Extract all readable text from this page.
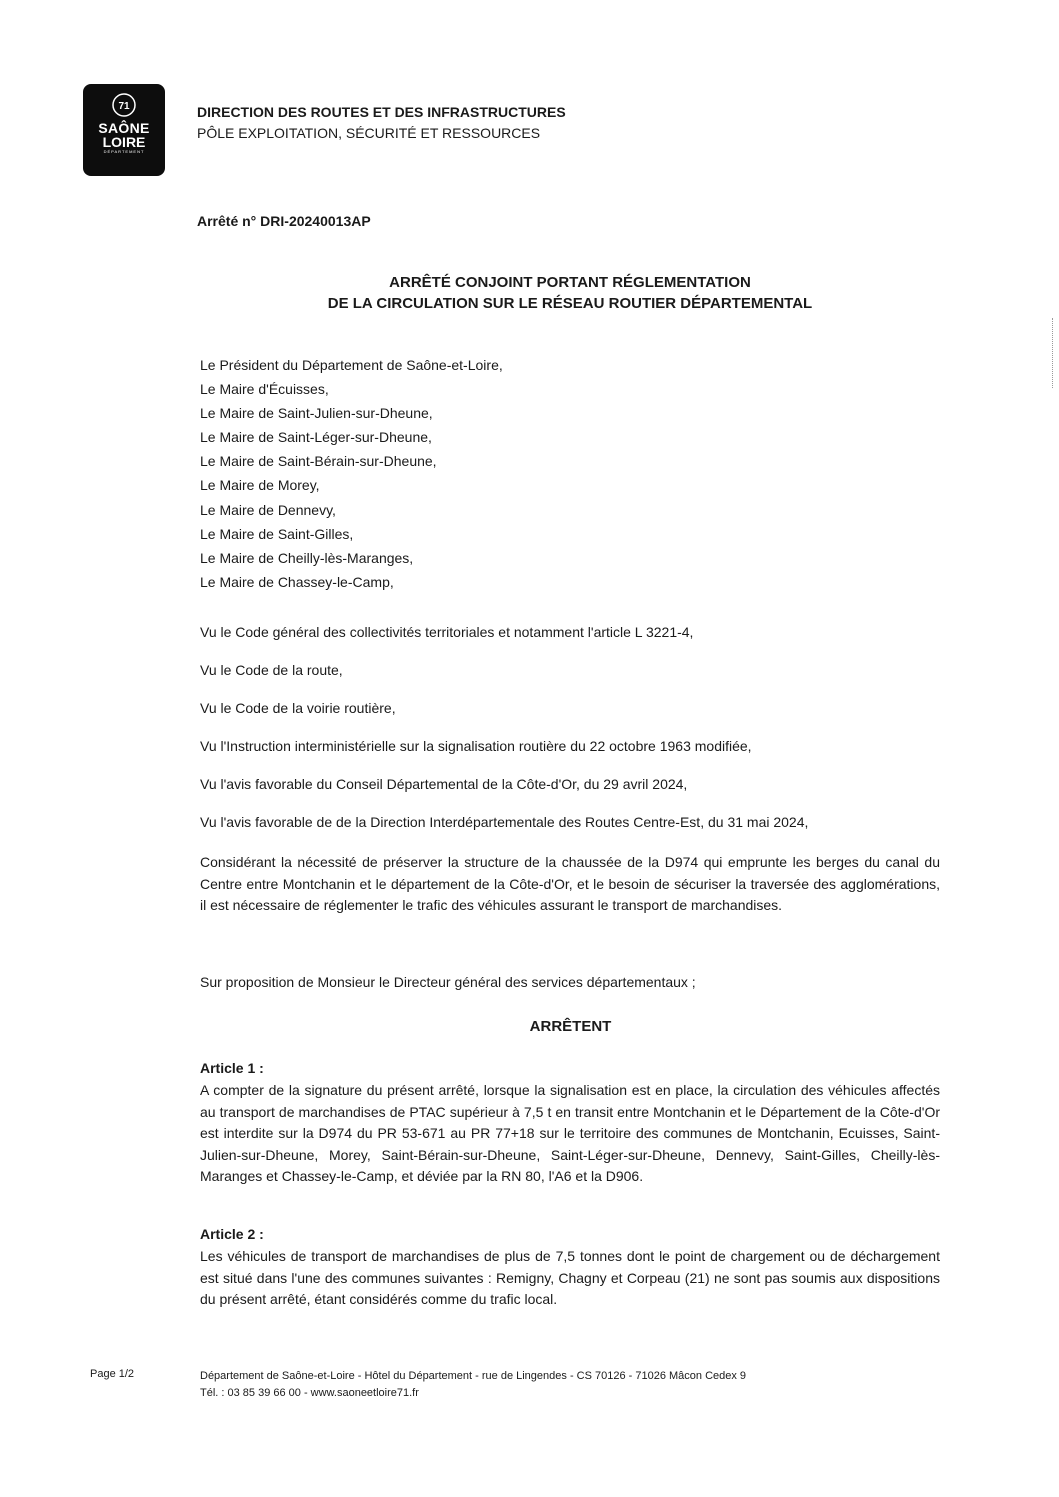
71
SAÔNE
LOIRE
DÉPARTEMENT
DIRECTION DES ROUTES ET DES INFRASTRUCTURES
PÔLE EXPLOITATION, SÉCURITÉ ET RESSOURCES
Arrêté n° DRI-20240013AP
ARRÊTÉ CONJOINT PORTANT RÉGLEMENTATION
DE LA CIRCULATION SUR LE RÉSEAU ROUTIER DÉPARTEMENTAL
Le Président du Département de Saône-et-Loire,
Le Maire d'Écuisses,
Le Maire de Saint-Julien-sur-Dheune,
Le Maire de Saint-Léger-sur-Dheune,
Le Maire de Saint-Bérain-sur-Dheune,
Le Maire de Morey,
Le Maire de Dennevy,
Le Maire de Saint-Gilles,
Le Maire de Cheilly-lès-Maranges,
Le Maire de Chassey-le-Camp,
Vu le Code général des collectivités territoriales et notamment l'article L 3221-4,
Vu le Code de la route,
Vu le Code de la voirie routière,
Vu l'Instruction interministérielle sur la signalisation routière du 22 octobre 1963 modifiée,
Vu l'avis favorable du Conseil Départemental de la Côte-d'Or, du 29 avril 2024,
Vu l'avis favorable de de la Direction Interdépartementale des Routes Centre-Est, du 31 mai 2024,
Considérant la nécessité de préserver la structure de la chaussée de la D974 qui emprunte les berges du canal du Centre entre Montchanin et le département de la Côte-d'Or, et le besoin de sécuriser la traversée des agglomérations, il est nécessaire de réglementer le trafic des véhicules assurant le transport de marchandises.
Sur proposition de Monsieur le Directeur général des services départementaux ;
ARRÊTENT
Article 1 :
A compter de la signature du présent arrêté, lorsque la signalisation est en place, la circulation des véhicules affectés au transport de marchandises de PTAC supérieur à 7,5 t en transit entre Montchanin et le Département de la Côte-d'Or est interdite sur la D974 du PR 53-671 au PR 77+18 sur le territoire des communes de Montchanin, Ecuisses, Saint-Julien-sur-Dheune, Morey, Saint-Bérain-sur-Dheune, Saint-Léger-sur-Dheune, Dennevy, Saint-Gilles, Cheilly-lès-Maranges et Chassey-le-Camp, et déviée par la RN 80, l'A6 et la D906.
Article 2 :
Les véhicules de transport de marchandises de plus de 7,5 tonnes dont le point de chargement ou de déchargement est situé dans l'une des communes suivantes : Remigny, Chagny et Corpeau (21) ne sont pas soumis aux dispositions du présent arrêté, étant considérés comme du trafic local.
Page 1/2	Département de Saône-et-Loire - Hôtel du Département - rue de Lingendes - CS 70126 - 71026 Mâcon Cedex 9
Tél. : 03 85 39 66 00 - www.saoneetloire71.fr
